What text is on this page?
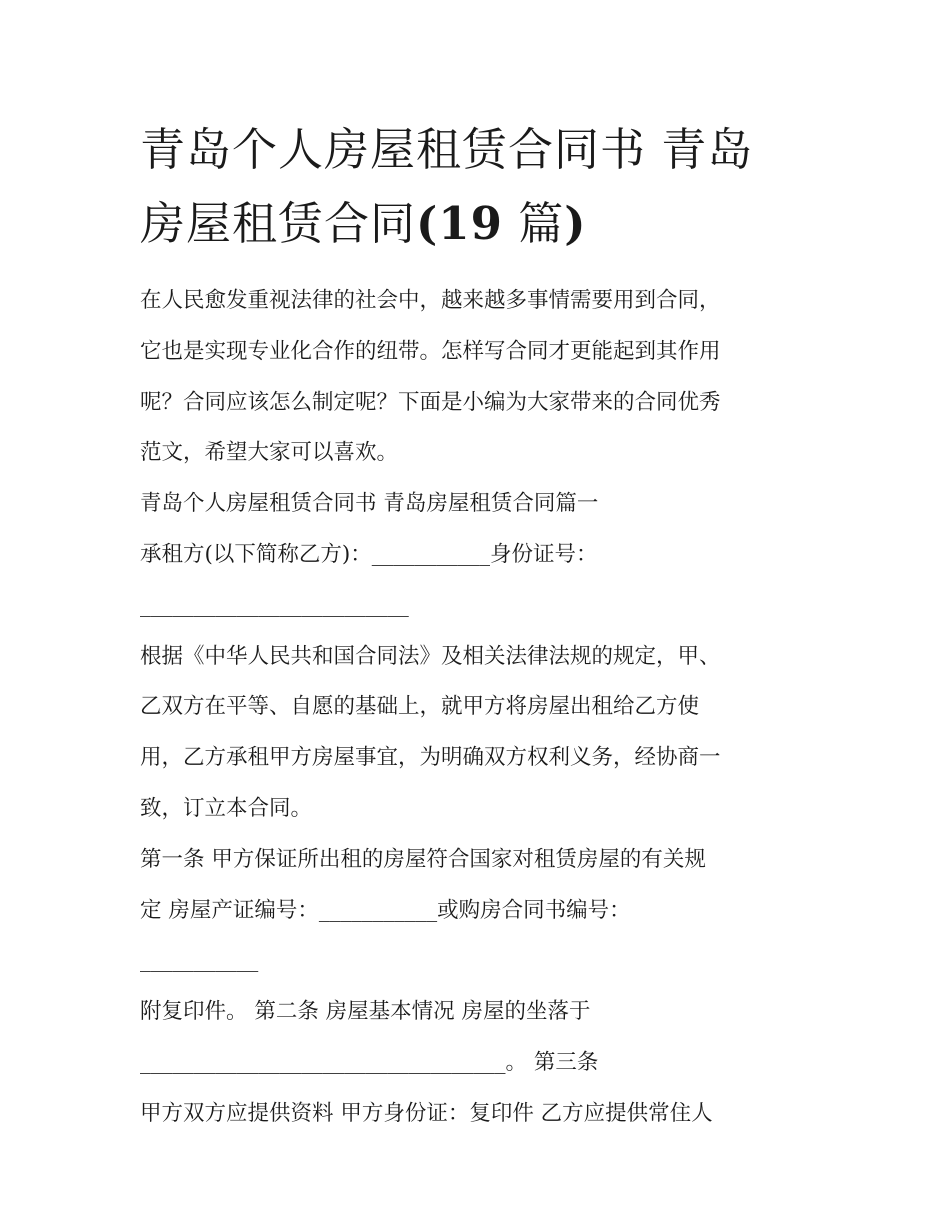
青岛个人房屋租赁合同书 青岛
房屋租赁合同(19 篇)

在人民愈发重视法律的社会中，越来越多事情需要用到合同，

它也是实现专业化合作的纽带。怎样写合同才更能起到其作用

呢？合同应该怎么制定呢？下面是小编为大家带来的合同优秀

范文，希望大家可以喜欢。

青岛个人房屋租赁合同书 青岛房屋租赁合同篇一

承租方(以下简称乙方)：___________身份证号：

_________________________

根据《中华人民共和国合同法》及相关法律法规的规定，甲、

乙双方在平等、自愿的基础上，就甲方将房屋出租给乙方使

用，乙方承租甲方房屋事宜，为明确双方权利义务，经协商一

致，订立本合同。

第一条 甲方保证所出租的房屋符合国家对租赁房屋的有关规

定 房屋产证编号：___________或购房合同书编号：

___________

附复印件。 第二条 房屋基本情况 房屋的坐落于

__________________________________。 第三条

甲方双方应提供资料 甲方身份证：复印件 乙方应提供常住人
